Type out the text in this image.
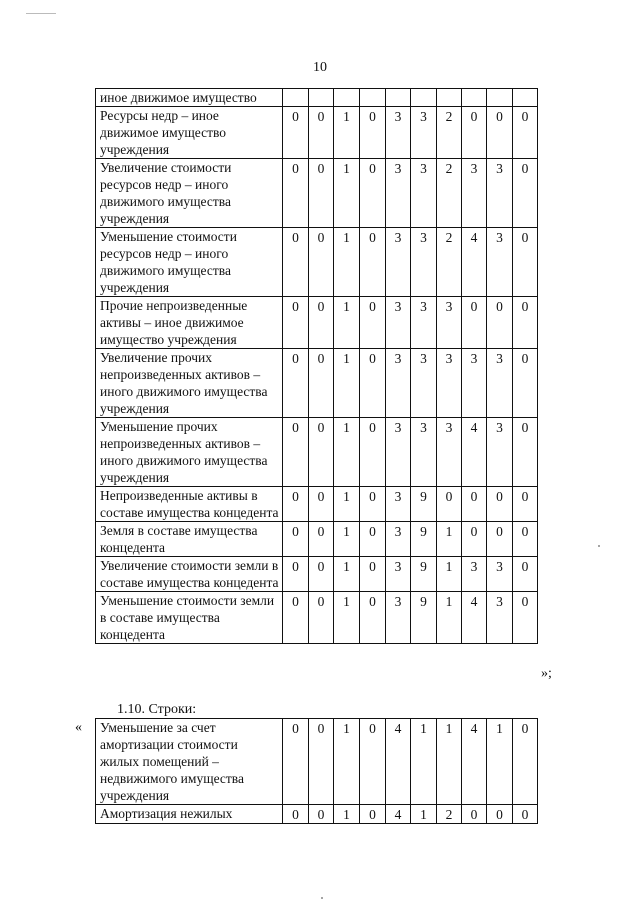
10
иное движимое имущество										
Ресурсы недр – иное движимое имущество учреждения	0	0	1	0	3	3	2	0	0	0
Увеличение стоимости ресурсов недр – иного движимого имущества учреждения	0	0	1	0	3	3	2	3	3	0
Уменьшение стоимости ресурсов недр – иного движимого имущества учреждения	0	0	1	0	3	3	2	4	3	0
Прочие непроизведенные активы – иное движимое имущество учреждения	0	0	1	0	3	3	3	0	0	0
Увеличение прочих непроизведенных активов – иного движимого имущества учреждения	0	0	1	0	3	3	3	3	3	0
Уменьшение прочих непроизведенных активов – иного движимого имущества учреждения	0	0	1	0	3	3	3	4	3	0
Непроизведенные активы в составе имущества концедента	0	0	1	0	3	9	0	0	0	0
Земля в составе имущества концедента	0	0	1	0	3	9	1	0	0	0
Увеличение стоимости земли в составе имущества концедента	0	0	1	0	3	9	1	3	3	0
Уменьшение стоимости земли в составе имущества концедента	0	0	1	0	3	9	1	4	3	0
»;
1.10. Строки:
« Уменьшение за счет амортизации стоимости жилых помещений – недвижимого имущества учреждения	0	0	1	0	4	1	1	4	1	0
Амортизация нежилых	0	0	1	0	4	1	2	0	0	0
